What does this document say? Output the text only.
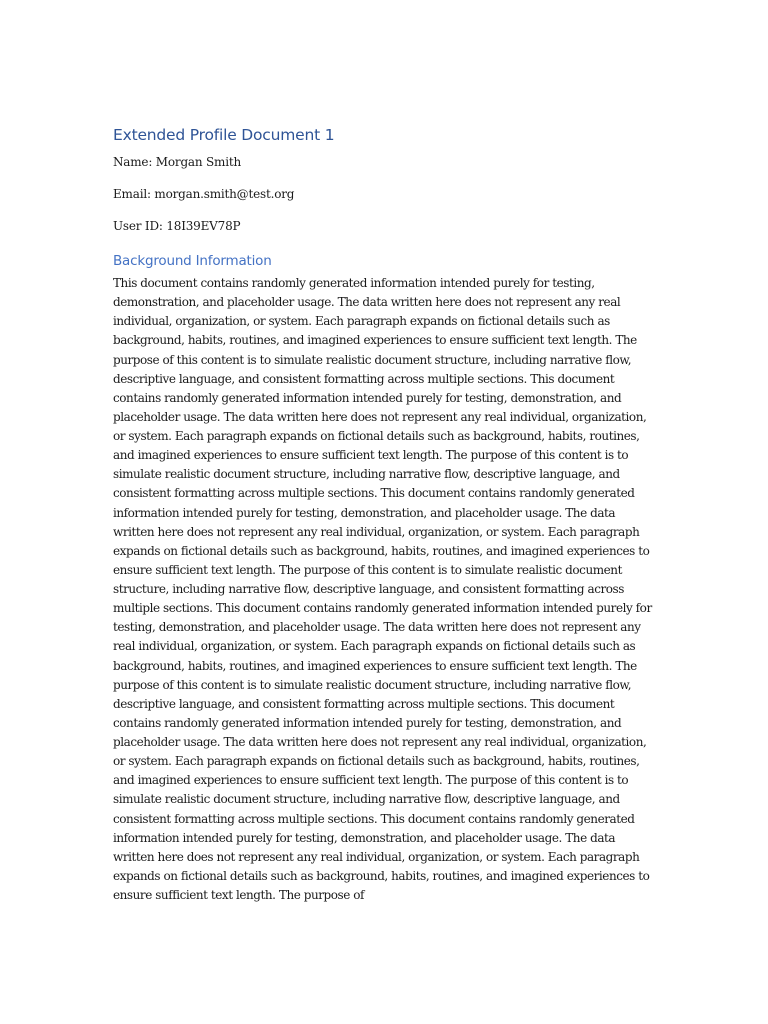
Extended Profile Document 1

Name: Morgan Smith

Email: morgan.smith@test.org

User ID: 18I39EV78P

Background Information

This document contains randomly generated information intended purely for testing, demonstration, and placeholder usage. The data written here does not represent any real individual, organization, or system. Each paragraph expands on fictional details such as background, habits, routines, and imagined experiences to ensure sufficient text length. The purpose of this content is to simulate realistic document structure, including narrative flow, descriptive language, and consistent formatting across multiple sections. This document contains randomly generated information intended purely for testing, demonstration, and placeholder usage. The data written here does not represent any real individual, organization, or system. Each paragraph expands on fictional details such as background, habits, routines, and imagined experiences to ensure sufficient text length. The purpose of this content is to simulate realistic document structure, including narrative flow, descriptive language, and consistent formatting across multiple sections. This document contains randomly generated information intended purely for testing, demonstration, and placeholder usage. The data written here does not represent any real individual, organization, or system. Each paragraph expands on fictional details such as background, habits, routines, and imagined experiences to ensure sufficient text length. The purpose of this content is to simulate realistic document structure, including narrative flow, descriptive language, and consistent formatting across multiple sections. This document contains randomly generated information intended purely for testing, demonstration, and placeholder usage. The data written here does not represent any real individual, organization, or system. Each paragraph expands on fictional details such as background, habits, routines, and imagined experiences to ensure sufficient text length. The purpose of this content is to simulate realistic document structure, including narrative flow, descriptive language, and consistent formatting across multiple sections. This document contains randomly generated information intended purely for testing, demonstration, and placeholder usage. The data written here does not represent any real individual, organization, or system. Each paragraph expands on fictional details such as background, habits, routines, and imagined experiences to ensure sufficient text length. The purpose of this content is to simulate realistic document structure, including narrative flow, descriptive language, and consistent formatting across multiple sections. This document contains randomly generated information intended purely for testing, demonstration, and placeholder usage. The data written here does not represent any real individual, organization, or system. Each paragraph expands on fictional details such as background, habits, routines, and imagined experiences to ensure sufficient text length. The purpose of
